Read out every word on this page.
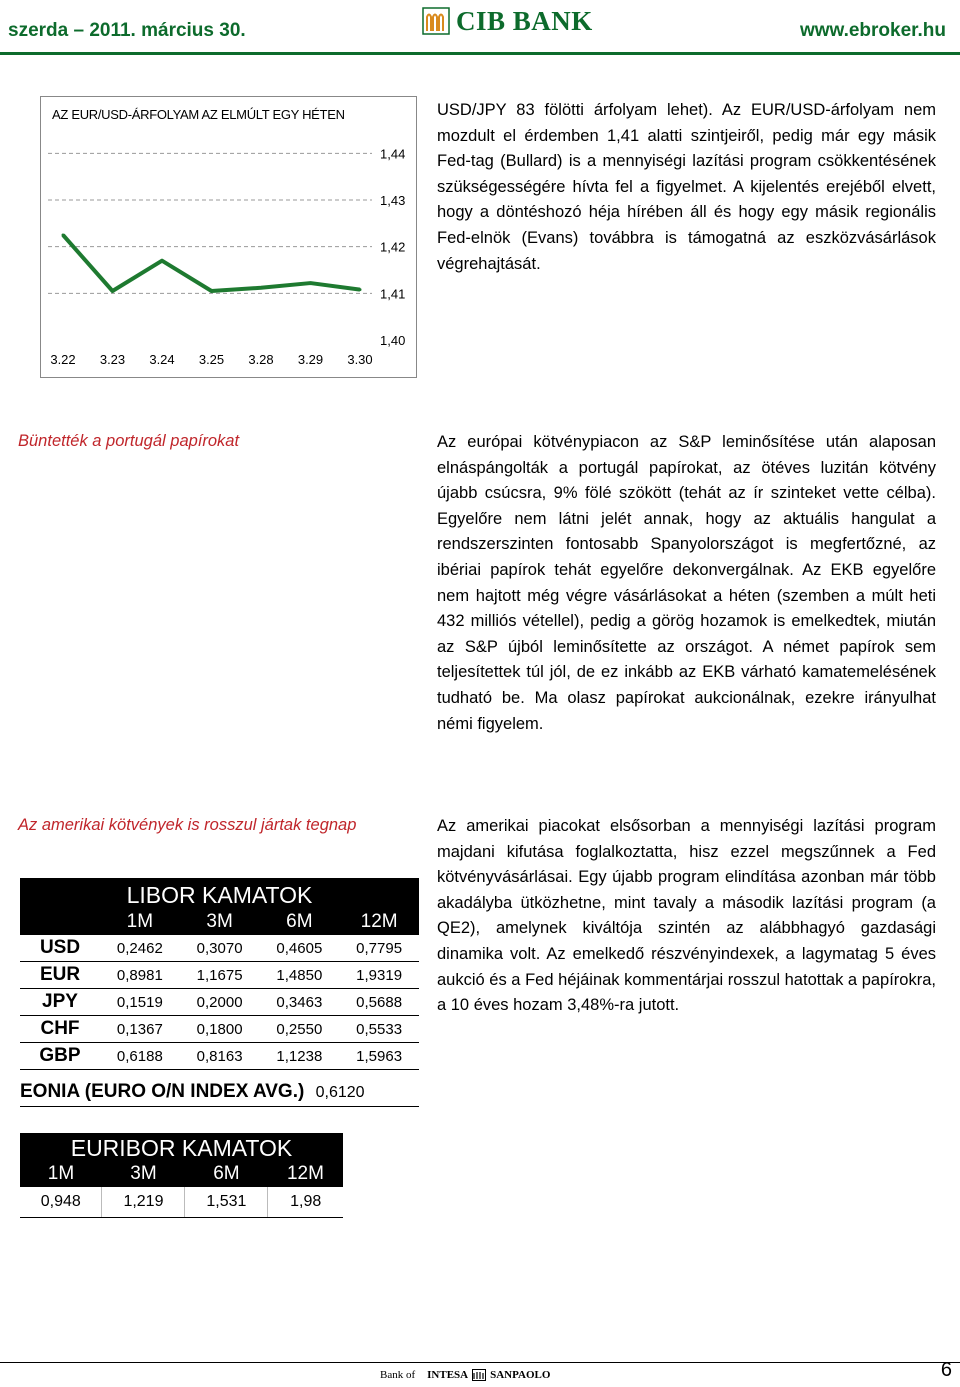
szerda – 2011. március 30.	CIB BANK	www.ebroker.hu
AZ EUR/USD-ÁRFOLYAM AZ ELMÚLT EGY HÉTEN
1,44
1,43
1,42
1,41
1,40
3.22 3.23 3.24 3.25 3.28 3.29 3.30
USD/JPY 83 fölötti árfolyam lehet). Az EUR/USD-árfolyam nem mozdult el érdemben 1,41 alatti szintjeiről, pedig már egy másik Fed-tag (Bullard) is a mennyiségi lazítási program csökkentésének szükségességére hívta fel a figyelmet. A kijelentés erejéből elvett, hogy a döntéshozó héja hírében áll és hogy egy másik regionális Fed-elnök (Evans) továbbra is támogatná az eszközvásárlások végrehajtását.
Büntették a portugál papírokat	Az európai kötvénypiacon az S&P leminősítése után alaposan elnáspángolták a portugál papírokat, az ötéves luzitán kötvény újabb csúcsra, 9% fölé szökött (tehát az ír szinteket vette célba). Egyelőre nem látni jelét annak, hogy az aktuális hangulat a rendszerszinten fontosabb Spanyolországot is megfertőzné, az ibériai papírok tehát egyelőre dekonvergálnak. Az EKB egyelőre nem hajtott még végre vásárlásokat a héten (szemben a múlt heti 432 milliós vétellel), pedig a görög hozamok is emelkedtek, miután az S&P újból leminősítette az országot. A német papírok sem teljesítettek túl jól, de ez inkább az EKB várható kamatemelésének tudható be. Ma olasz papírokat aukcionálnak, ezekre irányulhat némi figyelem.
Az amerikai kötvények is rosszul jártak tegnap	Az amerikai piacokat elsősorban a mennyiségi lazítási program majdani kifutása foglalkoztatta, hisz ezzel megszűnnek a Fed kötvényvásárlásai. Egy újabb program elindítása azonban már több akadályba ütközhetne, mint tavaly a második lazítási program (a QE2), amelynek kiváltója szintén az alábbhagyó gazdasági dinamika volt. Az emelkedő részvényindexek, a lagymatag 5 éves aukció és a Fed héjáinak kommentárjai rosszul hatottak a papírokra, a 10 éves hozam 3,48%-ra jutott.
LIBOR KAMATOK
	1M	3M	6M	12M
USD	0,2462	0,3070	0,4605	0,7795
EUR	0,8981	1,1675	1,4850	1,9319
JPY	0,1519	0,2000	0,3463	0,5688
CHF	0,1367	0,1800	0,2550	0,5533
GBP	0,6188	0,8163	1,1238	1,5963
EONIA (EURO O/N INDEX AVG.) 0,6120
EURIBOR KAMATOK
1M	3M	6M	12M
0,948	1,219	1,531	1,98
Bank of INTESA SANPAOLO	6
